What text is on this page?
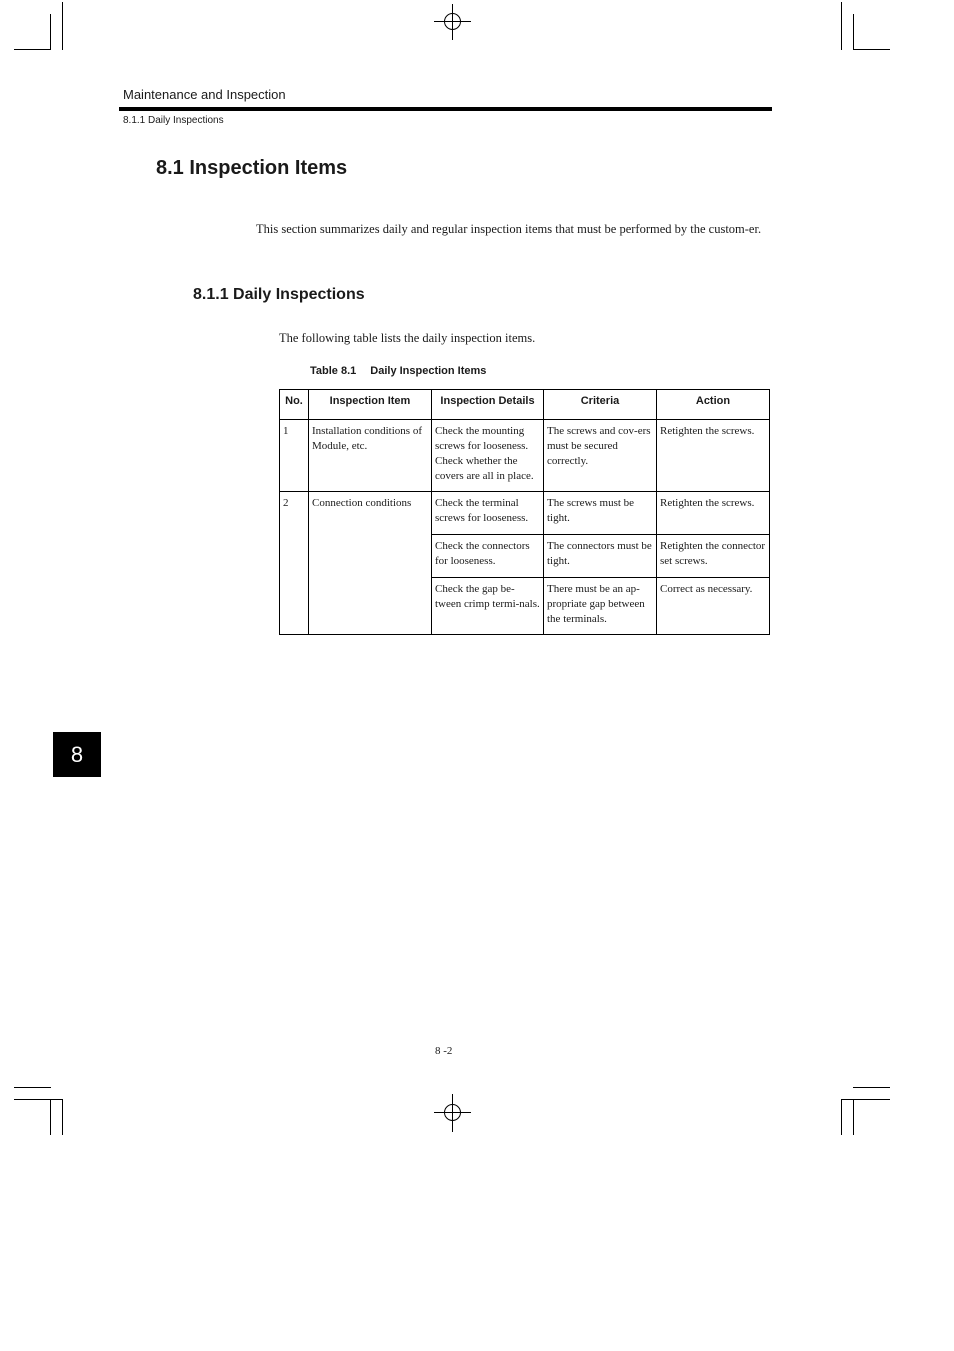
Maintenance and Inspection
8.1.1 Daily Inspections
8.1 Inspection Items
This section summarizes daily and regular inspection items that must be performed by the custom-er.
8.1.1 Daily Inspections
The following table lists the daily inspection items.
Table 8.1 Daily Inspection Items
No.	Inspection Item	Inspection Details	Criteria	Action
1	Installation conditions of Module, etc.	Check the mounting screws for looseness. Check whether the covers are all in place.	The screws and cov-ers must be secured correctly.	Retighten the screws.
2	Connection conditions	Check the terminal screws for looseness.	The screws must be tight.	Retighten the screws.
		Check the connectors for looseness.	The connectors must be tight.	Retighten the connector set screws.
		Check the gap be-tween crimp termi-nals.	There must be an ap-propriate gap between the terminals.	Correct as necessary.
8
8 -2
